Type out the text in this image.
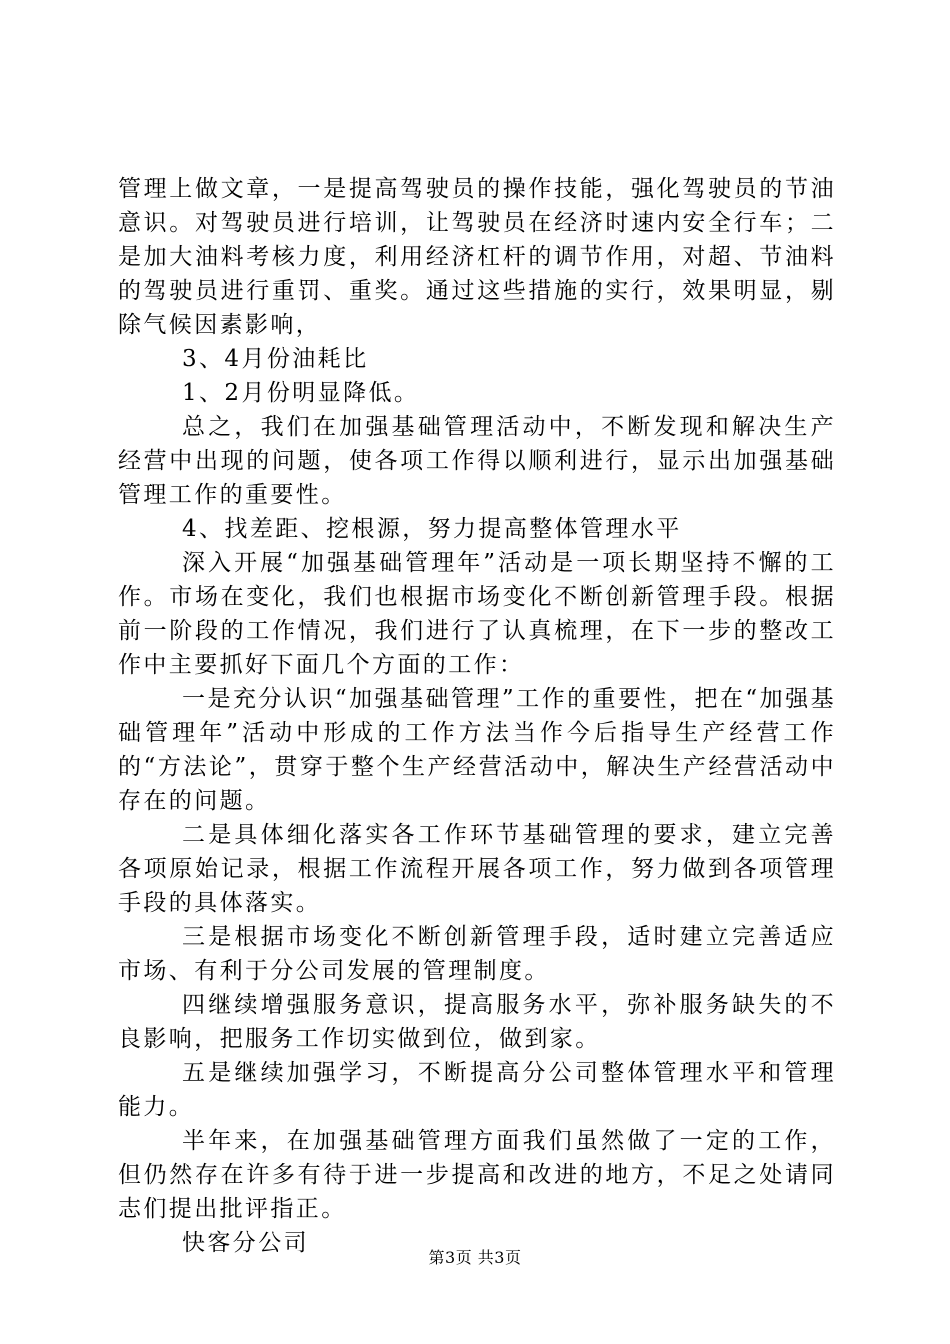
管理上做文章，一是提高驾驶员的操作技能，强化驾驶员的节油意识。对驾驶员进行培训，让驾驶员在经济时速内安全行车；二是加大油料考核力度，利用经济杠杆的调节作用，对超、节油料的驾驶员进行重罚、重奖。通过这些措施的实行，效果明显，剔除气候因素影响，

3、4月份油耗比

1、2月份明显降低。

总之，我们在加强基础管理活动中，不断发现和解决生产经营中出现的问题，使各项工作得以顺利进行，显示出加强基础管理工作的重要性。

4、找差距、挖根源，努力提高整体管理水平

深入开展“加强基础管理年”活动是一项长期坚持不懈的工作。市场在变化，我们也根据市场变化不断创新管理手段。根据前一阶段的工作情况，我们进行了认真梳理，在下一步的整改工作中主要抓好下面几个方面的工作：

一是充分认识“加强基础管理”工作的重要性，把在“加强基础管理年”活动中形成的工作方法当作今后指导生产经营工作的“方法论”，贯穿于整个生产经营活动中，解决生产经营活动中存在的问题。

二是具体细化落实各工作环节基础管理的要求，建立完善各项原始记录，根据工作流程开展各项工作，努力做到各项管理手段的具体落实。

三是根据市场变化不断创新管理手段，适时建立完善适应市场、有利于分公司发展的管理制度。

四继续增强服务意识，提高服务水平，弥补服务缺失的不良影响，把服务工作切实做到位，做到家。

五是继续加强学习，不断提高分公司整体管理水平和管理能力。

半年来，在加强基础管理方面我们虽然做了一定的工作，但仍然存在许多有待于进一步提高和改进的地方，不足之处请同志们提出批评指正。

快客分公司

第3页 共3页
